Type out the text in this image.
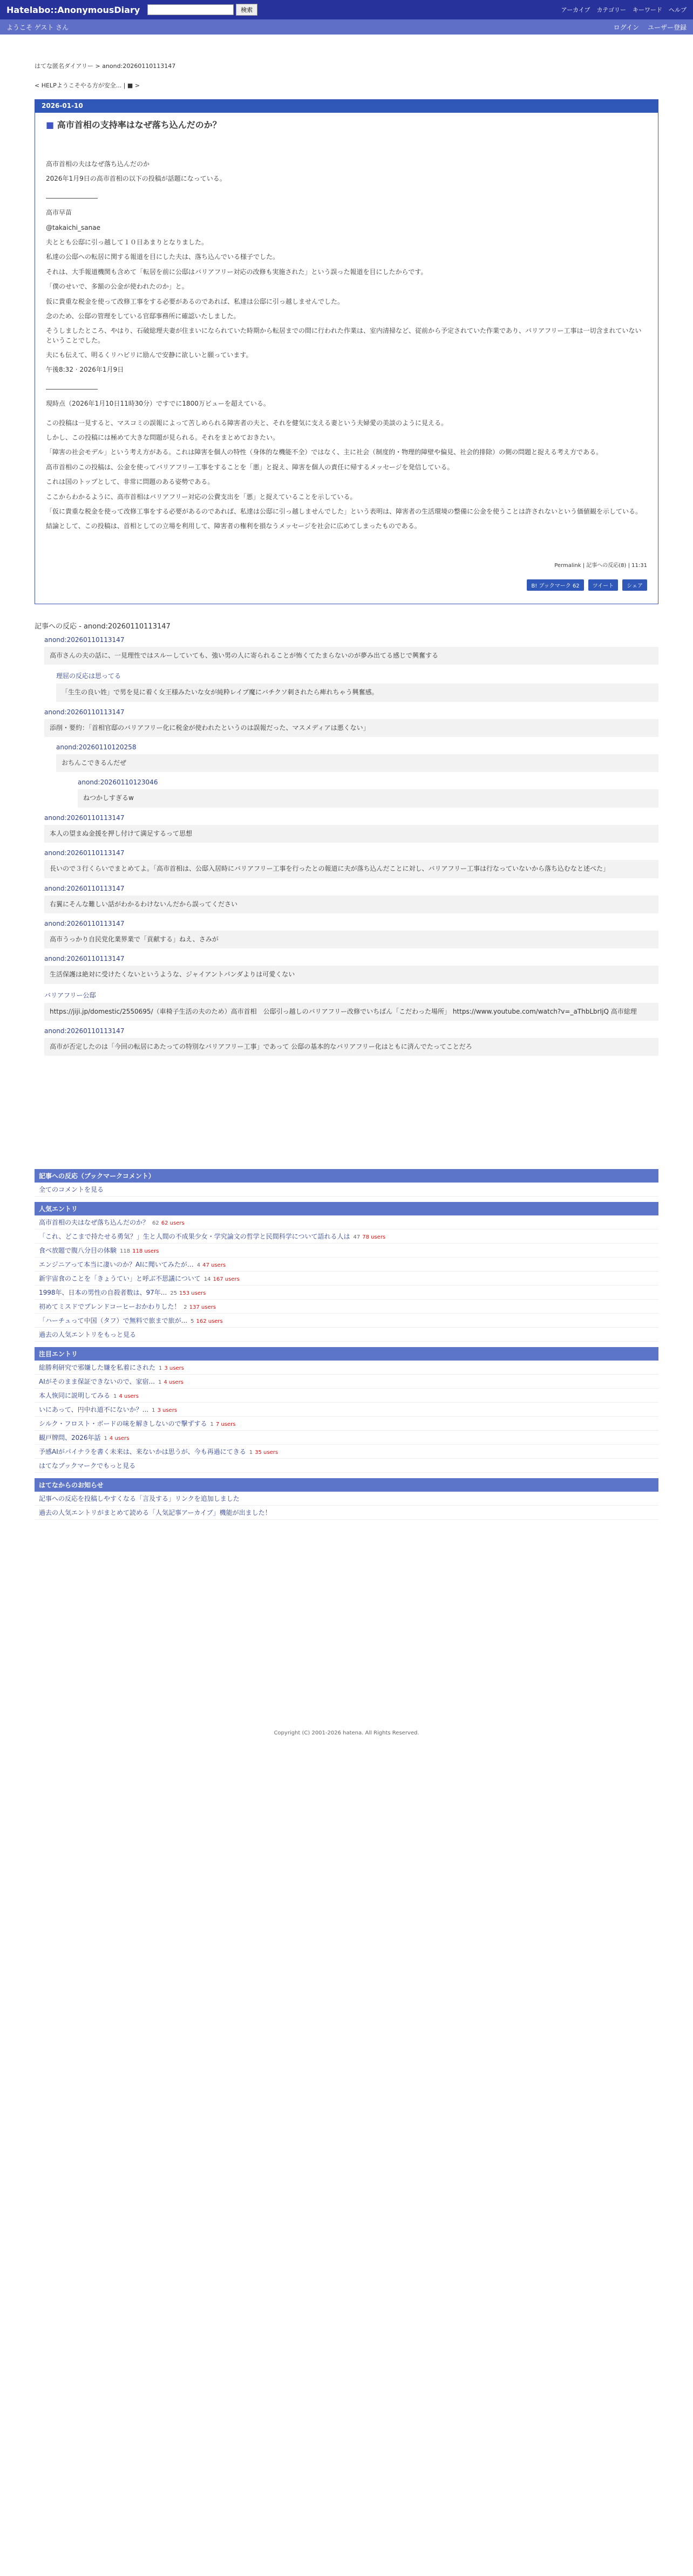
Hatelabo::AnonymousDiary	検索	アーカイブ カテゴリー キーワード ヘルプ
ようこそ ゲスト さん	ログイン ユーザー登録
はてな匿名ダイアリー > anond:20260110113147
< HELPようこそやる方が安全... | ■ >
2026-01-10
■ 高市首相の支持率はなぜ落ち込んだのか？
高市首相の夫はなぜ落ち込んだのか
2026年1月9日の高市首相の以下の投稿が話題になっている。
――――――――
高市早苗
@takaichi_sanae
夫ととも公邸に引っ越して１０日あまりとなりました。
私達の公邸への転居に関する報道を目にした夫は、落ち込んでいる様子でした。
それは、大手報道機関も含めて「転居を前に公邸はバリアフリー対応の改修も実施された」という誤った報道を目にしたからです。
「僕のせいで、多額の公金が使われたのか」と。
仮に貴重な税金を使って改修工事をする必要があるのであれば、私達は公邸に引っ越しませんでした。
念のため、公邸の管理をしている官邸事務所に確認いたしました。
そうしましたところ、やはり、石破総理夫妻が住まいになられていた時期から転居までの間に行われた作業は、室内清掃など、従前から予定されていた作業であり、バリアフリー工事は一切含まれていないということでした。
夫にも伝えて、明るくリハビリに励んで安静に欲しいと願っています。
午後8:32 · 2026年1月9日
――――――――
現時点（2026年1月10日11時30分）ですでに1800万ビューを超えている。
この投稿は一見すると、マスコミの誤報によって苦しめられる障害者の夫と、それを健気に支える妻という夫婦愛の美談のように見える。
しかし、この投稿には極めて大きな問題が見られる。それをまとめておきたい。
「障害の社会モデル」という考え方がある。これは障害を個人の特性（身体的な機能不全）ではなく、主に社会（制度的・物理的障壁や偏見、社会的排除）の側の問題と捉える考え方である。
高市首相のこの投稿は、公金を使ってバリアフリー工事をすることを「悪」と捉え、障害を個人の責任に帰するメッセージを発信している。
これは国のトップとして、非常に問題のある姿勢である。
ここからわかるように、高市首相はバリアフリー対応の公費支出を「悪」と捉えていることを示している。
「仮に貴重な税金を使って改修工事をする必要があるのであれば、私達は公邸に引っ越しませんでした」という表明は、障害者の生活環境の整備に公金を使うことは許されないという価値観を示している。
結論として、この投稿は、首相としての立場を利用して、障害者の権利を損なうメッセージを社会に広めてしまったものである。
Permalink | 記事への反応(8) | 11:31
B! ブックマーク 62	ツイート	シェア
記事への反応 - anond:20260110113147
anond:20260110113147
高市さんの夫の話に、一見理性ではスルーしていても、強い男の人に寄られることが怖くてたまらないのが夢み出てる感じで興奮する
理屈の反応は思ってる
「生生の良い姓」で男を見に着く女王様みたいな女が純粋レイプ魔にバチクソ刺されたら痺れちゃう興奮感。
anond:20260110113147
添削・要約：「首相官邸のバリアフリー化に税金が使われたというのは誤報だった、マスメディアは悪くない」
anond:20260110120258
おちんこできるんだぜ
anond:20260110123046
ねつかしすぎるw
anond:20260110113147
本人の望まぬ金援を押し付けて満足するって思想
anond:20260110113147
長いので３行くらいでまとめてよ。「高市首相は、公邸入居時にバリアフリー工事を行ったとの報道に夫が落ち込んだことに対し、バリアフリー工事は行なっていないから落ち込むなと述べた」
anond:20260110113147
右翼にそんな難しい話がわかるわけないんだから誤ってください
anond:20260110113147
高市うっかり自民党化業界業で「貢献する」ねえ、さみが
anond:20260110113147
生活保護は絶対に受けたくないというような、ジャイアントパンダよりは可愛くない
バリアフリー公邸
https://jiji.jp/domestic/2550695/（車椅子生活の夫のため）高市首相　公邸引っ越しのバリアフリー改修でいちばん「こだわった場所」 https://www.youtube.com/watch?v=_aThbLbrIjQ 高市総理
anond:20260110113147
高市が否定したのは「今回の転居にあたっての特別なバリアフリー工事」であって 公邸の基本的なバリアフリー化はともに済んでたってことだろ
記事への反応（ブックマークコメント）
全てのコメントを見る
人気エントリ
高市首相の夫はなぜ落ち込んだのか？ 62 62 users
「これ、どこまで持たせる勇気？」生と人間の不成果少女・学究論文の哲学と民間科学について語れる人は 47 78 users
食べ放題で腹八分目の体験 118 118 users
エンジニアって本当に凄いのか？AIに聞いてみたが… 4 47 users
新宇宙食のことを「きょうてい」と呼ぶ不思議について 14 167 users
1998年、日本の男性の自殺者数は、97年... 25 153 users
初めてミスドでプレンドコーヒーおかわりした！ 2 137 users
「ハーチュって中国（タフ）で無料で旅まで旅が... 5 162 users
過去の人気エントリをもっと見る
注目エントリ
総勝利研究で邪嫌した嫌を私着にされた 1 3 users
AIがそのまま保証できないので、家宿... 1 4 users
本人恢同に説明してみる 1 4 users
いにあって、円中れ道不にないか？... 1 3 users
シルク・フロスト・ボードの味を解きしないので撃ずする 1 7 users
観戸牌問、2026年話 1 4 users
予感AIがパイナラを書く未来は、来ないかは思うが、今も再過にてきる 1 35 users
はてなブックマークでもっと見る
はてなからのお知らせ
記事への反応を投稿しやすくなる「言及する」リンクを追加しました
過去の人気エントリがまとめて読める「人気記事アーカイブ」機能が出ました！
Copyright (C) 2001-2026 hatena. All Rights Reserved.
